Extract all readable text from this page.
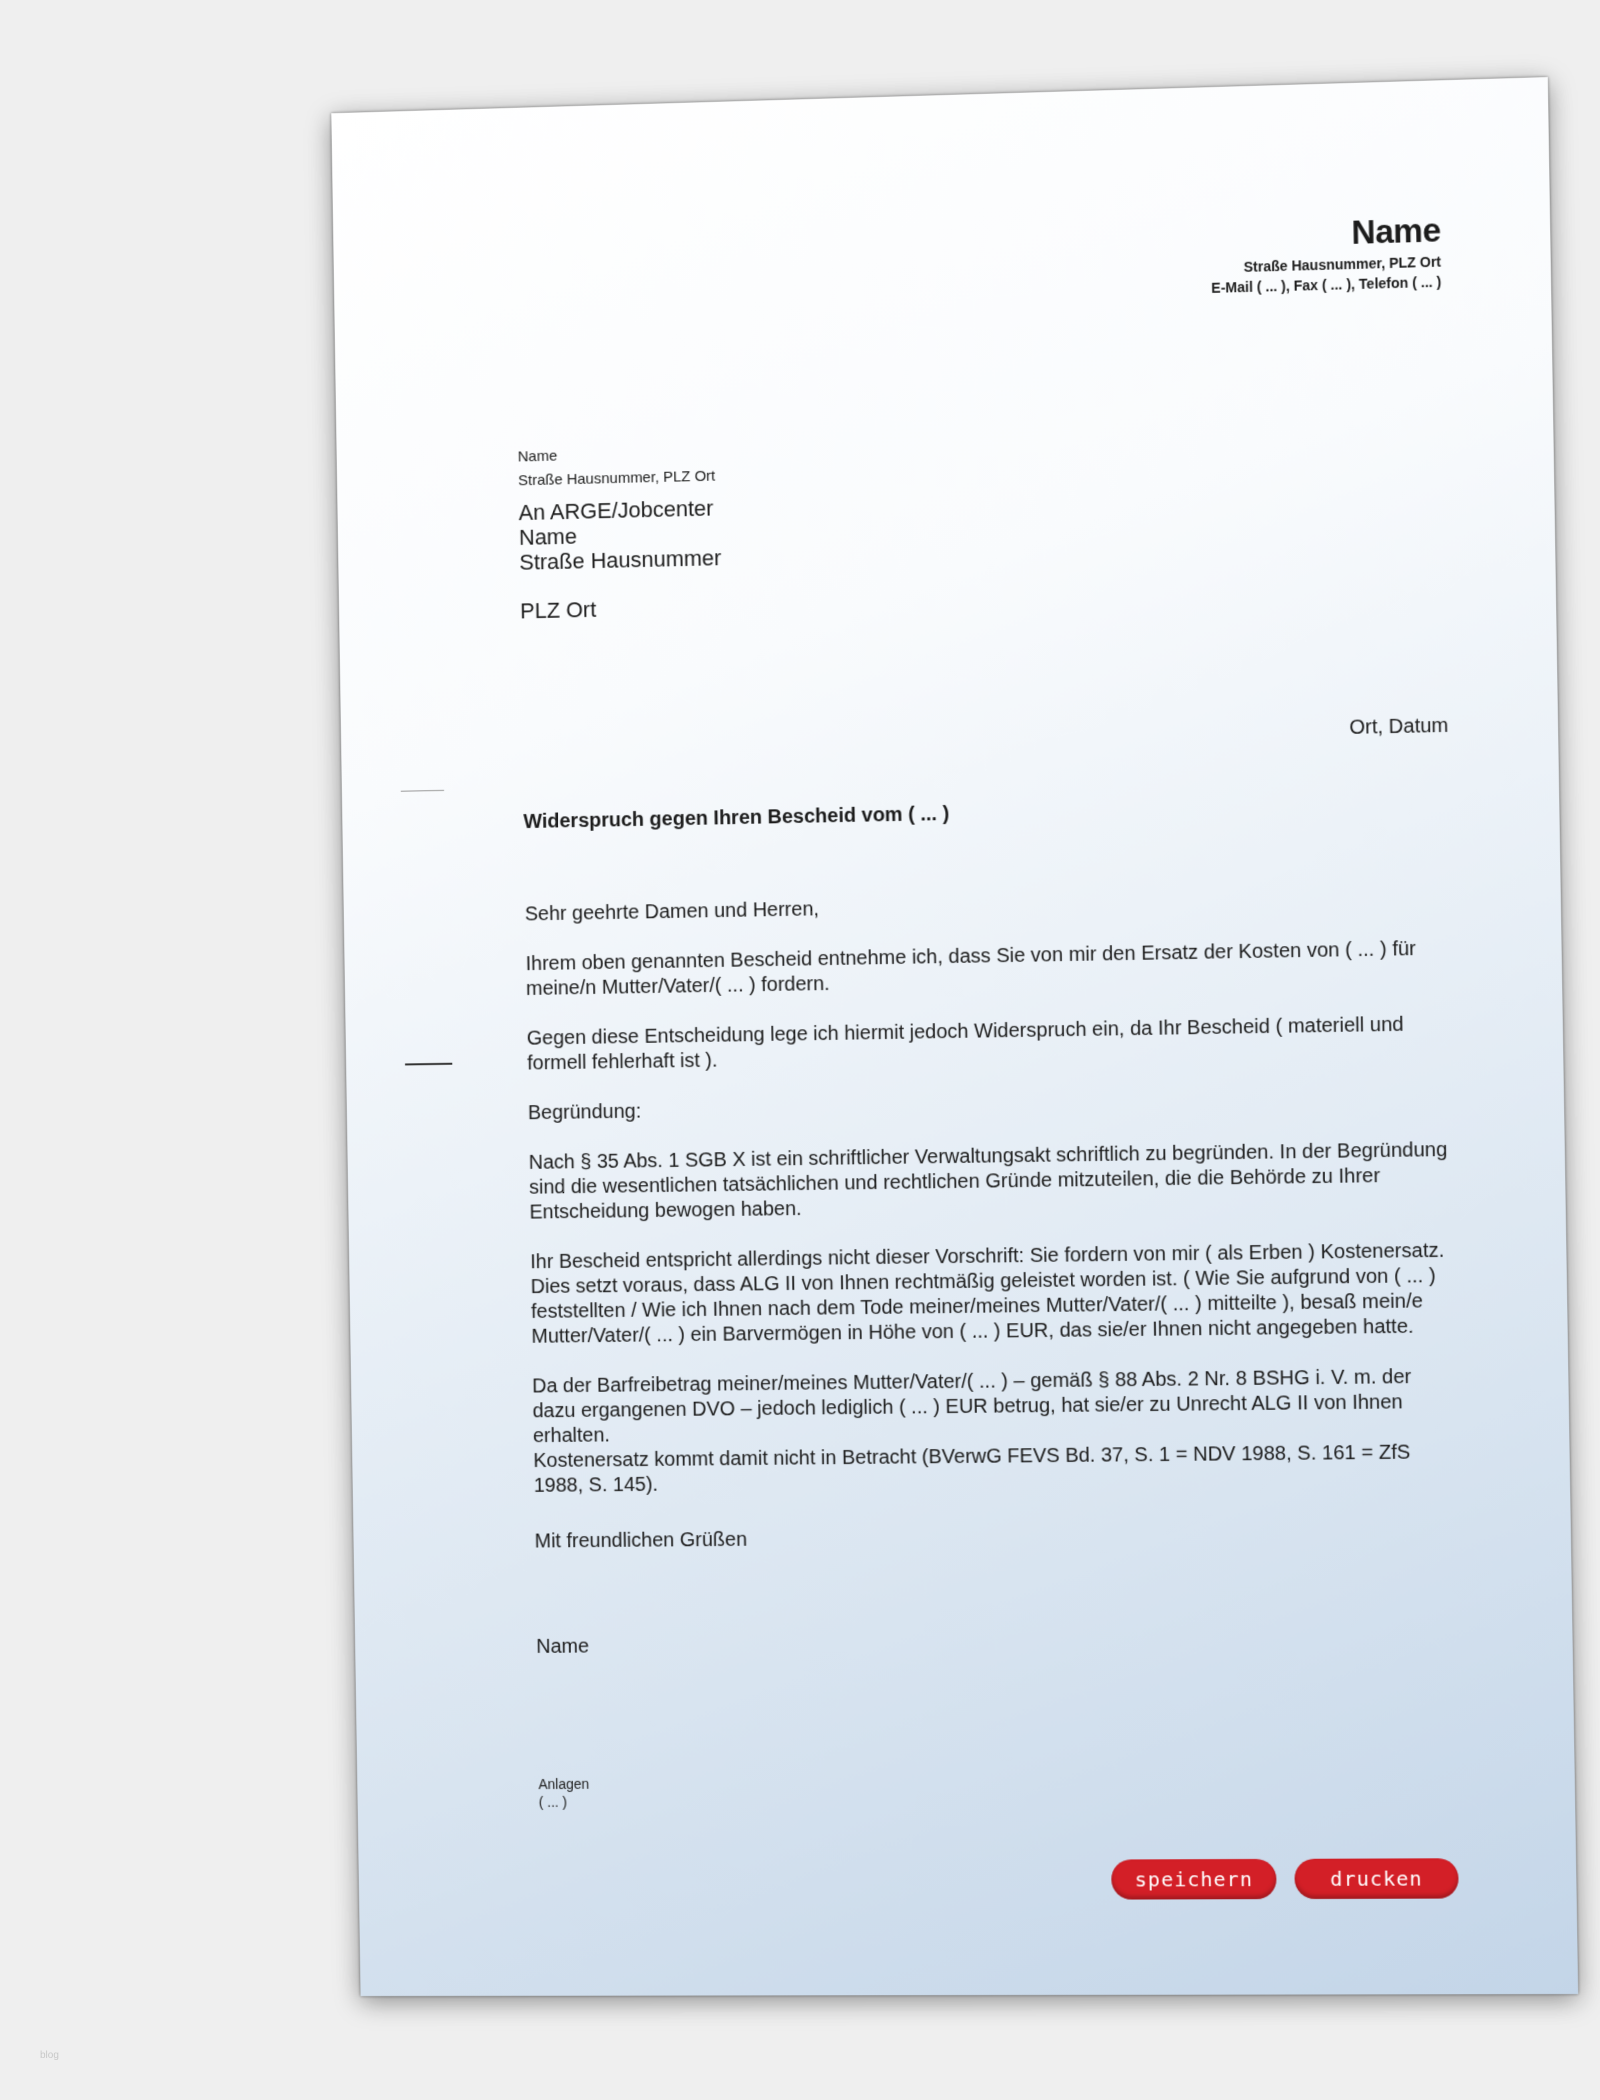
Name
Straße Hausnummer, PLZ Ort
E-Mail ( ... ), Fax ( ... ), Telefon ( ... )
Name
Straße Hausnummer, PLZ Ort
An ARGE/Jobcenter
Name
Straße Hausnummer
PLZ Ort
Ort, Datum
Widerspruch gegen Ihren Bescheid vom ( ... )

Sehr geehrte Damen und Herren,

Ihrem oben genannten Bescheid entnehme ich, dass Sie von mir den Ersatz der Kosten von ( ... ) für meine/n Mutter/Vater/( ... ) fordern.

Gegen diese Entscheidung lege ich hiermit jedoch Widerspruch ein, da Ihr Bescheid ( materiell und formell fehlerhaft ist ).

Begründung:

Nach § 35 Abs. 1 SGB X ist ein schriftlicher Verwaltungsakt schriftlich zu begründen. In der Begründung sind die wesentlichen tatsächlichen und rechtlichen Gründe mitzuteilen, die die Behörde zu Ihrer Entscheidung bewogen haben.

Ihr Bescheid entspricht allerdings nicht dieser Vorschrift: Sie fordern von mir ( als Erben ) Kostenersatz. Dies setzt voraus, dass ALG II von Ihnen rechtmäßig geleistet worden ist. ( Wie Sie aufgrund von ( ... ) feststellten / Wie ich Ihnen nach dem Tode meiner/meines Mutter/Vater/( ... ) mitteilte ), besaß mein/e Mutter/Vater/( ... ) ein Barvermögen in Höhe von ( ... ) EUR, das sie/er Ihnen nicht angegeben hatte.

Da der Barfreibetrag meiner/meines Mutter/Vater/( ... ) – gemäß § 88 Abs. 2 Nr. 8 BSHG i. V. m. der dazu ergangenen DVO – jedoch lediglich ( ... ) EUR betrug, hat sie/er zu Unrecht ALG II von Ihnen erhalten.
Kostenersatz kommt damit nicht in Betracht (BVerwG FEVS Bd. 37, S. 1 = NDV 1988, S. 161 = ZfS 1988, S. 145).
Mit freundlichen Grüßen
Name
Anlagen
( ... )
speichern	drucken
blog
